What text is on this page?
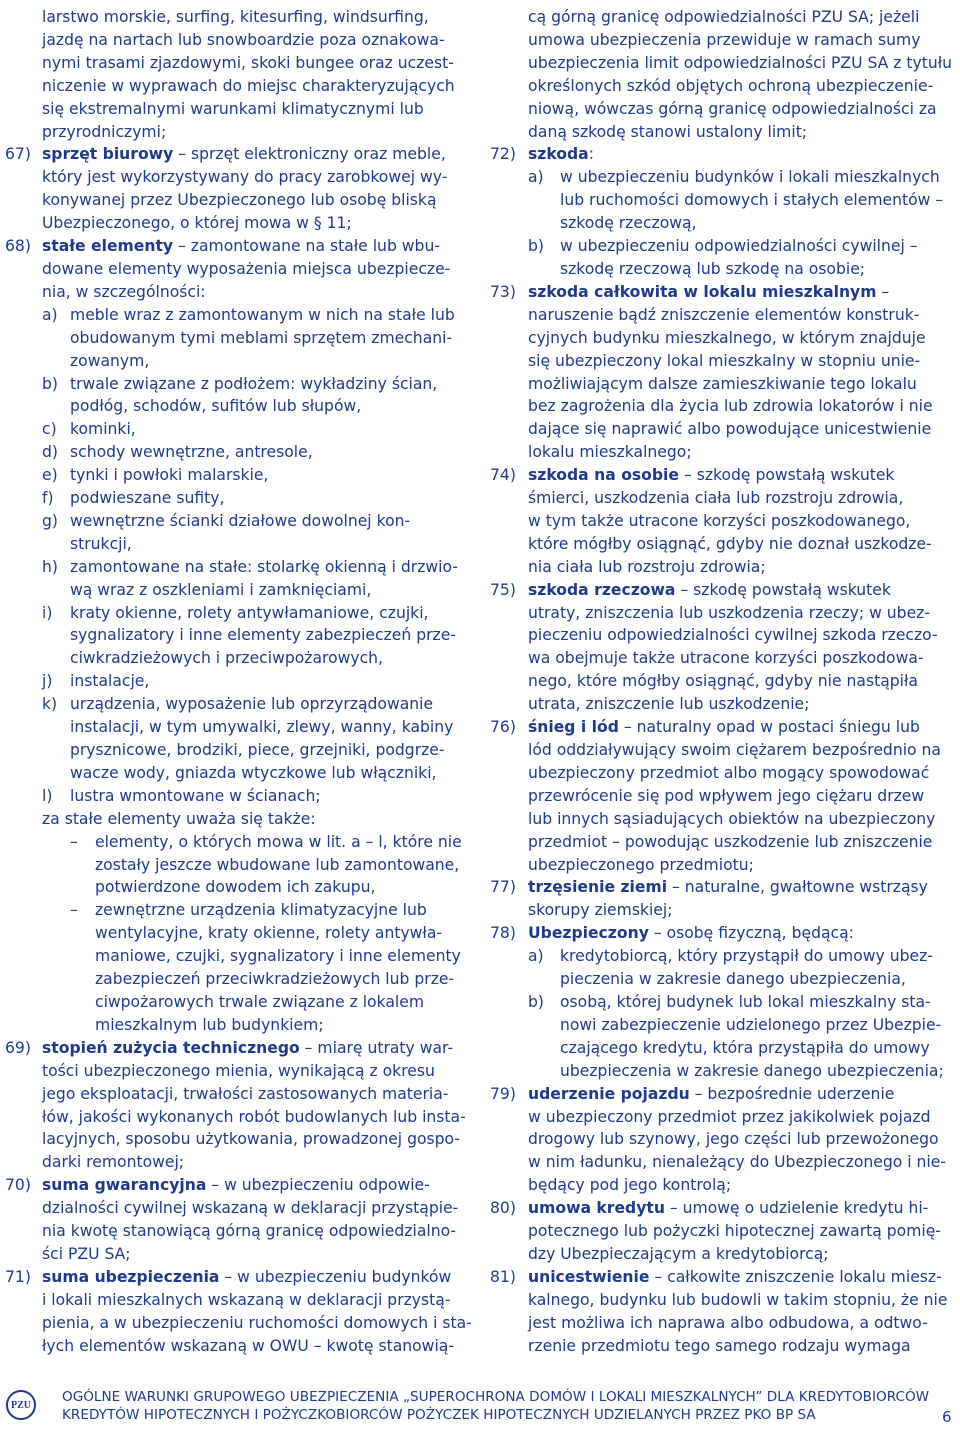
larstwo morskie, surfing, kitesurfing, windsurfing,

jazdę na nartach lub snowboardzie poza oznakowa-

nymi trasami zjazdowymi, skoki bungee oraz uczest-

niczenie w wyprawach do miejsc charakteryzujących

się ekstremalnymi warunkami klimatycznymi lub

przyrodniczymi;

67) sprzęt biurowy – sprzęt elektroniczny oraz meble,

który jest wykorzystywany do pracy zarobkowej wy-

konywanej przez Ubezpieczonego lub osobę bliską

Ubezpieczonego, o której mowa w § 11;

68) stałe elementy – zamontowane na stałe lub wbu-

dowane elementy wyposażenia miejsca ubezpiecze-

nia, w szczególności:

a) meble wraz z zamontowanym w nich na stałe lub

obudowanym tymi meblami sprzętem zmechani-

zowanym,

b) trwale związane z podłożem: wykładziny ścian,

podłóg, schodów, sufitów lub słupów,

c) kominki,

d) schody wewnętrzne, antresole,

e) tynki i powłoki malarskie,

f) podwieszane sufity,

g) wewnętrzne ścianki działowe dowolnej kon-

strukcji,

h) zamontowane na stałe: stolarkę okienną i drzwio-

wą wraz z oszkleniami i zamknięciami,

i) kraty okienne, rolety antywłamaniowe, czujki,

sygnalizatory i inne elementy zabezpieczeń prze-

ciwkradzieżowych i przeciwpożarowych,

j) instalacje,

k) urządzenia, wyposażenie lub oprzyrządowanie

instalacji, w tym umywalki, zlewy, wanny, kabiny

prysznicowe, brodziki, piece, grzejniki, podgrze-

wacze wody, gniazda wtyczkowe lub włączniki,

l) lustra wmontowane w ścianach;

za stałe elementy uważa się także:

– elementy, o których mowa w lit. a – l, które nie

zostały jeszcze wbudowane lub zamontowane,

potwierdzone dowodem ich zakupu,

– zewnętrzne urządzenia klimatyzacyjne lub

wentylacyjne, kraty okienne, rolety antywła-

maniowe, czujki, sygnalizatory i inne elementy

zabezpieczeń przeciwkradzieżowych lub prze-

ciwpożarowych trwale związane z lokalem

mieszkalnym lub budynkiem;

69) stopień zużycia technicznego – miarę utraty war-

tości ubezpieczonego mienia, wynikającą z okresu

jego eksploatacji, trwałości zastosowanych materia-

łów, jakości wykonanych robót budowlanych lub insta-

lacyjnych, sposobu użytkowania, prowadzonej gospo-

darki remontowej;

70) suma gwarancyjna – w ubezpieczeniu odpowie-

dzialności cywilnej wskazaną w deklaracji przystąpie-

nia kwotę stanowiącą górną granicę odpowiedzialno-

ści PZU SA;

71) suma ubezpieczenia – w ubezpieczeniu budynków

i lokali mieszkalnych wskazaną w deklaracji przystą-

pienia, a w ubezpieczeniu ruchomości domowych i sta-

łych elementów wskazaną w OWU – kwotę stanowią-

cą górną granicę odpowiedzialności PZU SA; jeżeli

umowa ubezpieczenia przewiduje w ramach sumy

ubezpieczenia limit odpowiedzialności PZU SA z tytułu

określonych szkód objętych ochroną ubezpieczenie-

niową, wówczas górną granicę odpowiedzialności za

daną szkodę stanowi ustalony limit;

72) szkoda:

a) w ubezpieczeniu budynków i lokali mieszkalnych

lub ruchomości domowych i stałych elementów –

szkodę rzeczową,

b) w ubezpieczeniu odpowiedzialności cywilnej –

szkodę rzeczową lub szkodę na osobie;

73) szkoda całkowita w lokalu mieszkalnym –

naruszenie bądź zniszczenie elementów konstruk-

cyjnych budynku mieszkalnego, w którym znajduje

się ubezpieczony lokal mieszkalny w stopniu unie-

możliwiającym dalsze zamieszkiwanie tego lokalu

bez zagrożenia dla życia lub zdrowia lokatorów i nie

dające się naprawić albo powodujące unicestwienie

lokalu mieszkalnego;

74) szkoda na osobie – szkodę powstałą wskutek

śmierci, uszkodzenia ciała lub rozstroju zdrowia,

w tym także utracone korzyści poszkodowanego,

które mógłby osiągnąć, gdyby nie doznał uszkodze-

nia ciała lub rozstroju zdrowia;

75) szkoda rzeczowa – szkodę powstałą wskutek

utraty, zniszczenia lub uszkodzenia rzeczy; w ubez-

pieczeniu odpowiedzialności cywilnej szkoda rzeczo-

wa obejmuje także utracone korzyści poszkodowa-

nego, które mógłby osiągnąć, gdyby nie nastąpiła

utrata, zniszczenie lub uszkodzenie;

76) śnieg i lód – naturalny opad w postaci śniegu lub

lód oddziaływujący swoim ciężarem bezpośrednio na

ubezpieczony przedmiot albo mogący spowodować

przewrócenie się pod wpływem jego ciężaru drzew

lub innych sąsiadujących obiektów na ubezpieczony

przedmiot – powodując uszkodzenie lub zniszczenie

ubezpieczonego przedmiotu;

77) trzęsienie ziemi – naturalne, gwałtowne wstrząsy

skorupy ziemskiej;

78) Ubezpieczony – osobę fizyczną, będącą:

a) kredytobiorcą, który przystąpił do umowy ubez-

pieczenia w zakresie danego ubezpieczenia,

b) osobą, której budynek lub lokal mieszkalny sta-

nowi zabezpieczenie udzielonego przez Ubezpie-

czającego kredytu, która przystąpiła do umowy

ubezpieczenia w zakresie danego ubezpieczenia;

79) uderzenie pojazdu – bezpośrednie uderzenie

w ubezpieczony przedmiot przez jakikolwiek pojazd

drogowy lub szynowy, jego części lub przewożonego

w nim ładunku, nienależący do Ubezpieczonego i nie-

będący pod jego kontrolą;

80) umowa kredytu – umowę o udzielenie kredytu hi-

potecznego lub pożyczki hipotecznej zawartą pomię-

dzy Ubezpieczającym a kredytobiorcą;

81) unicestwienie – całkowite zniszczenie lokalu miesz-

kalnego, budynku lub budowli w takim stopniu, że nie

jest możliwa ich naprawa albo odbudowa, a odtwo-

rzenie przedmiotu tego samego rodzaju wymaga

PZU	OGÓLNE WARUNKI GRUPOWEGO UBEZPIECZENIA „SUPEROCHRONA DOMÓW I LOKALI MIESZKALNYCH” DLA KREDYTOBIORCÓW
KREDYTÓW HIPOTECZNYCH I POŻYCZKOBIORCÓW POŻYCZEK HIPOTECZNYCH UDZIELANYCH PRZEZ PKO BP SA	6
